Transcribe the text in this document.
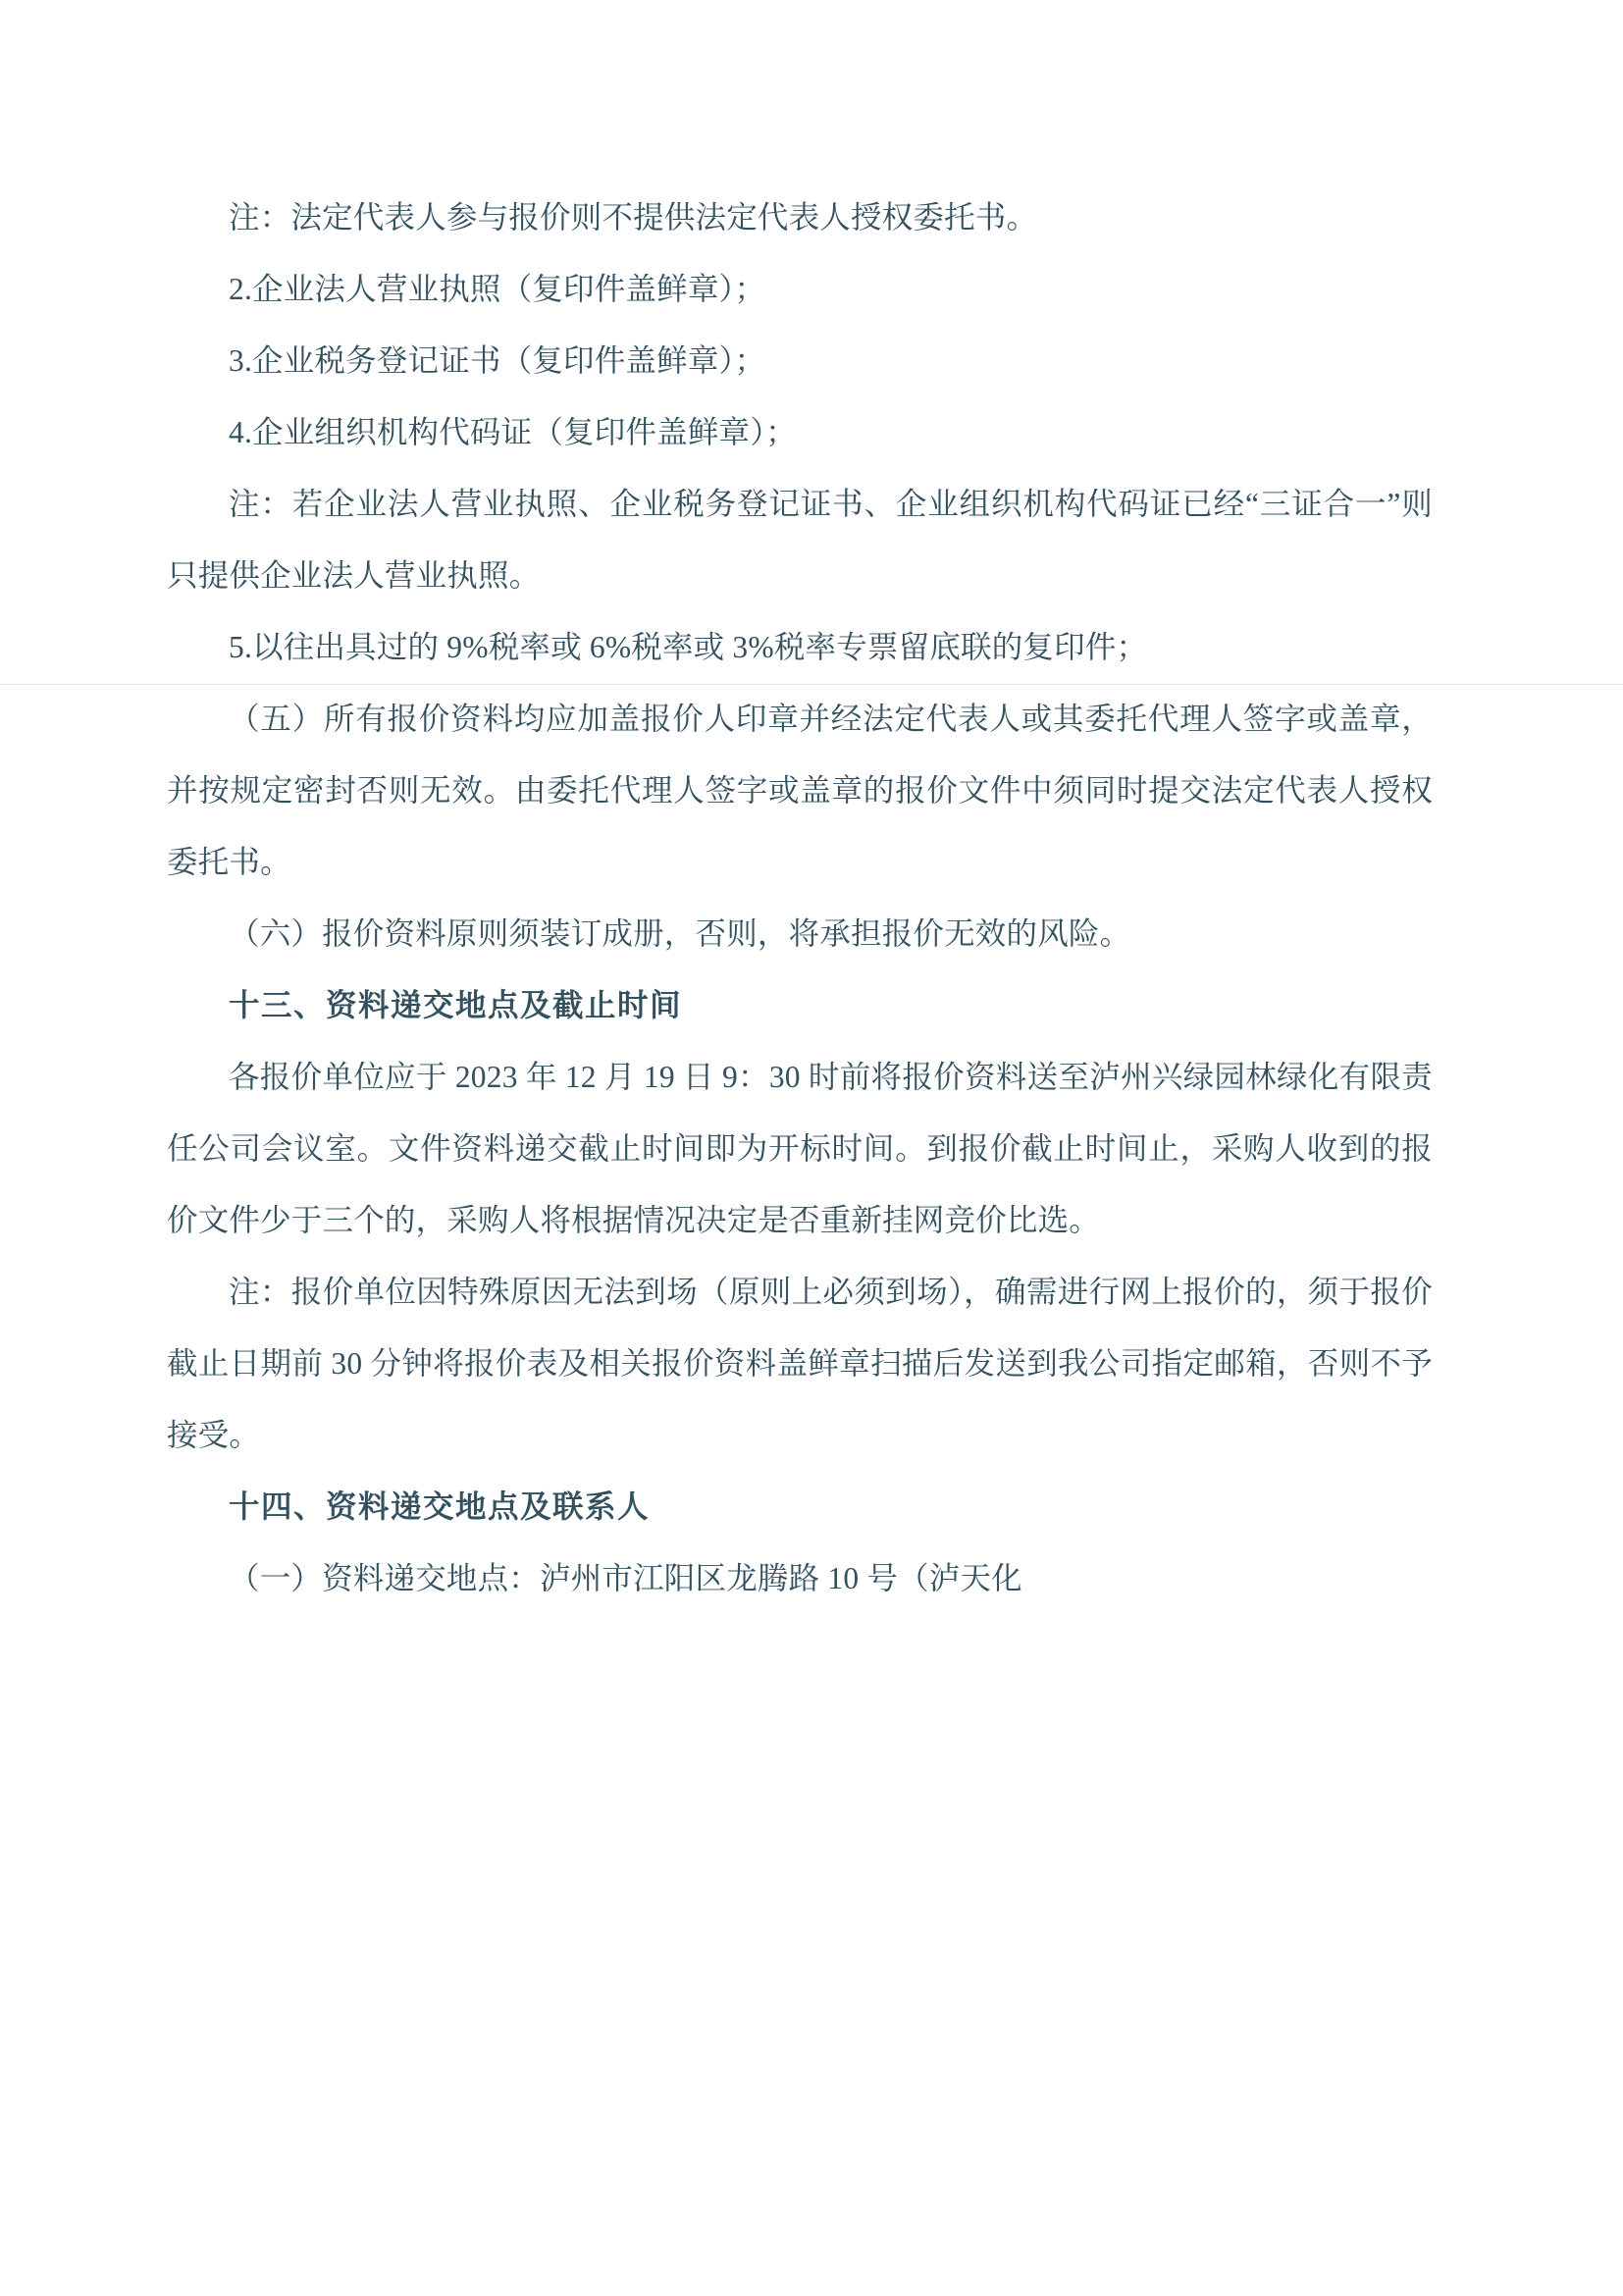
注：法定代表人参与报价则不提供法定代表人授权委托书。

2.企业法人营业执照（复印件盖鲜章）；

3.企业税务登记证书（复印件盖鲜章）；

4.企业组织机构代码证（复印件盖鲜章）；

注：若企业法人营业执照、企业税务登记证书、企业组织机构代码证已经“三证合一”则只提供企业法人营业执照。

5.以往出具过的 9%税率或 6%税率或 3%税率专票留底联的复印件；

（五）所有报价资料均应加盖报价人印章并经法定代表人或其委托代理人签字或盖章，并按规定密封否则无效。由委托代理人签字或盖章的报价文件中须同时提交法定代表人授权委托书。

（六）报价资料原则须装订成册，否则，将承担报价无效的风险。

十三、资料递交地点及截止时间

各报价单位应于 2023 年 12 月 19 日 9：30 时前将报价资料送至泸州兴绿园林绿化有限责任公司会议室。文件资料递交截止时间即为开标时间。到报价截止时间止，采购人收到的报价文件少于三个的，采购人将根据情况决定是否重新挂网竞价比选。

注：报价单位因特殊原因无法到场（原则上必须到场），确需进行网上报价的，须于报价截止日期前 30 分钟将报价表及相关报价资料盖鲜章扫描后发送到我公司指定邮箱，否则不予接受。

十四、资料递交地点及联系人

（一）资料递交地点：泸州市江阳区龙腾路 10 号（泸天化
